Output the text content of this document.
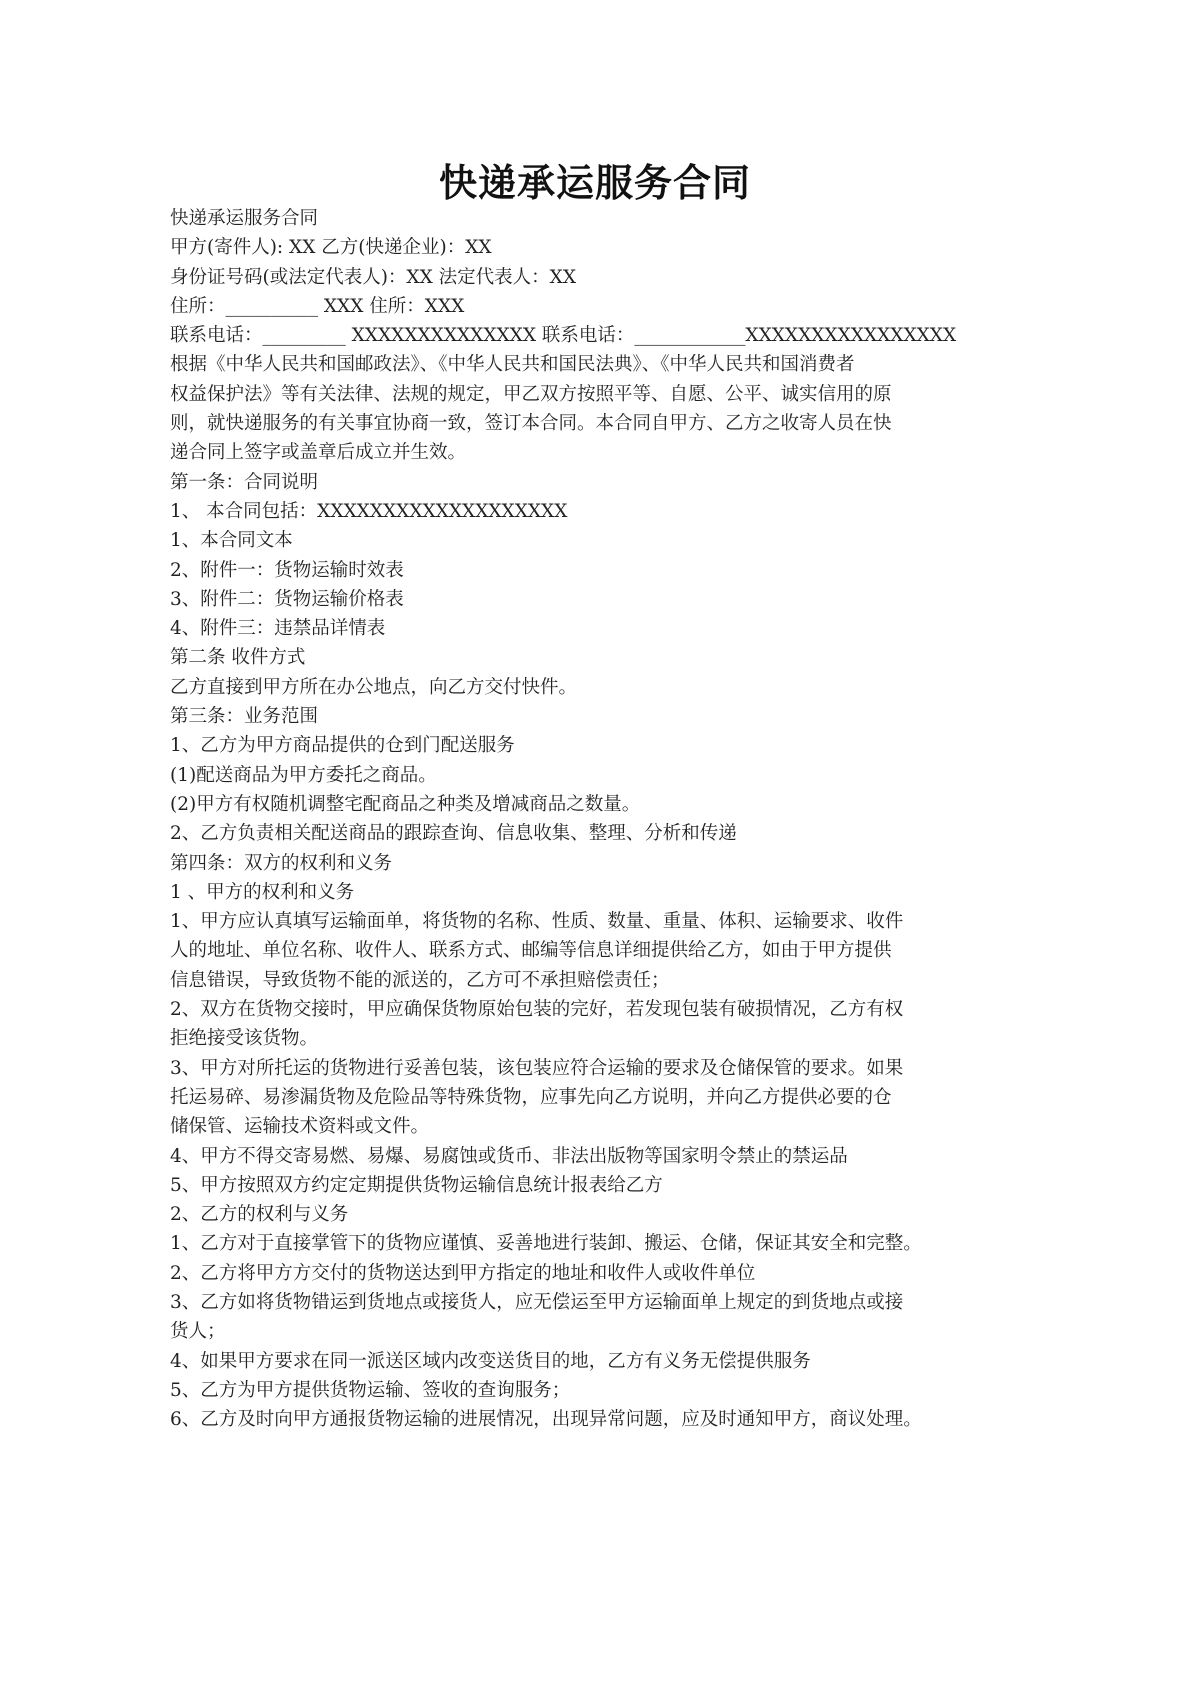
快递承运服务合同
快递承运服务合同
甲方(寄件人): XX 乙方(快递企业)：XX
身份证号码(或法定代表人)：XX 法定代表人：XX
住所：__________ XXX 住所：XXX
联系电话：_________ XXXXXXXXXXXXXX 联系电话：____________XXXXXXXXXXXXXXXX
根据《中华人民共和国邮政法》、《中华人民共和国民法典》、《中华人民共和国消费者
权益保护法》等有关法律、法规的规定，甲乙双方按照平等、自愿、公平、诚实信用的原
则，就快递服务的有关事宜协商一致，签订本合同。本合同自甲方、乙方之收寄人员在快
递合同上签字或盖章后成立并生效。
第一条：合同说明
1、 本合同包括：XXXXXXXXXXXXXXXXXXX
1、本合同文本
2、附件一：货物运输时效表
3、附件二：货物运输价格表
4、附件三：违禁品详情表
第二条 收件方式
乙方直接到甲方所在办公地点，向乙方交付快件。
第三条：业务范围
1、乙方为甲方商品提供的仓到门配送服务
(1)配送商品为甲方委托之商品。
(2)甲方有权随机调整宅配商品之种类及增减商品之数量。
2、乙方负责相关配送商品的跟踪查询、信息收集、整理、分析和传递
第四条：双方的权利和义务
1 、甲方的权利和义务
1、甲方应认真填写运输面单，将货物的名称、性质、数量、重量、体积、运输要求、收件
人的地址、单位名称、收件人、联系方式、邮编等信息详细提供给乙方，如由于甲方提供
信息错误，导致货物不能的派送的，乙方可不承担赔偿责任；
2、双方在货物交接时，甲应确保货物原始包装的完好，若发现包装有破损情况，乙方有权
拒绝接受该货物。
3、甲方对所托运的货物进行妥善包装，该包装应符合运输的要求及仓储保管的要求。如果
托运易碎、易渗漏货物及危险品等特殊货物，应事先向乙方说明，并向乙方提供必要的仓
储保管、运输技术资料或文件。
4、甲方不得交寄易燃、易爆、易腐蚀或货币、非法出版物等国家明令禁止的禁运品
5、甲方按照双方约定定期提供货物运输信息统计报表给乙方
2、乙方的权利与义务
1、乙方对于直接掌管下的货物应谨慎、妥善地进行装卸、搬运、仓储，保证其安全和完整。
2、乙方将甲方方交付的货物送达到甲方指定的地址和收件人或收件单位
3、乙方如将货物错运到货地点或接货人，应无偿运至甲方运输面单上规定的到货地点或接
货人；
4、如果甲方要求在同一派送区域内改变送货目的地，乙方有义务无偿提供服务
5、乙方为甲方提供货物运输、签收的查询服务；
6、乙方及时向甲方通报货物运输的进展情况，出现异常问题，应及时通知甲方，商议处理。
